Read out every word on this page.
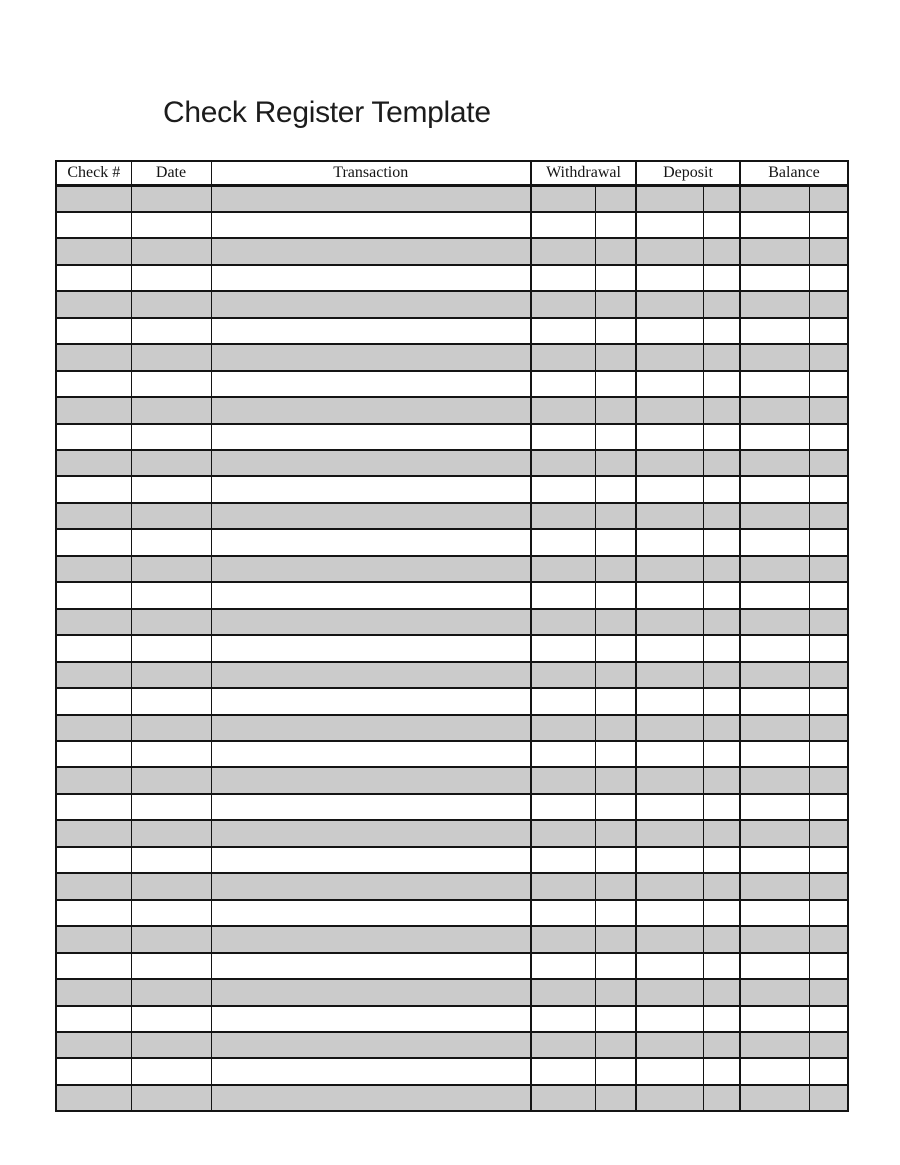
Check Register Template
Check #	Date	Transaction	Withdrawal		Deposit		Balance	
